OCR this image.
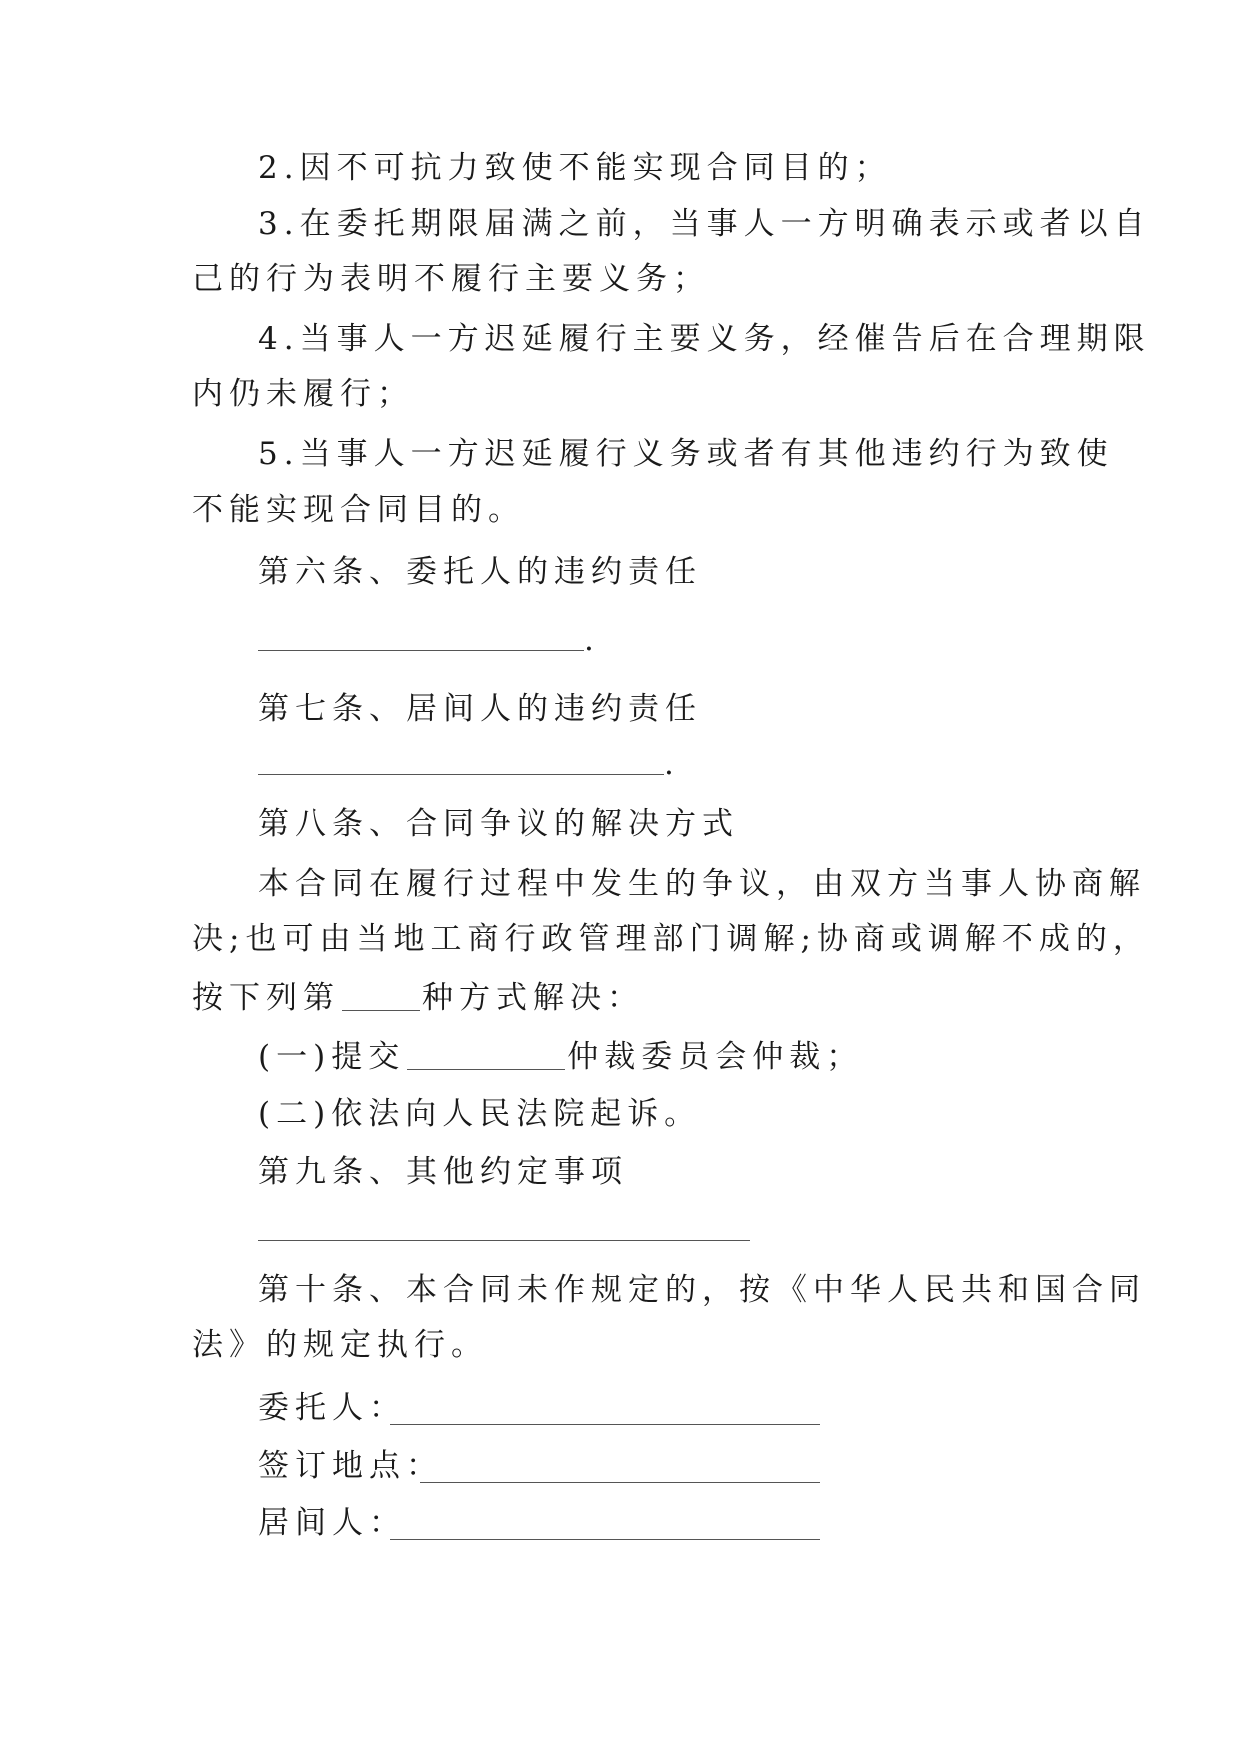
2.因不可抗力致使不能实现合同目的；
3.在委托期限届满之前，当事人一方明确表示或者以自
己的行为表明不履行主要义务；
4.当事人一方迟延履行主要义务，经催告后在合理期限
内仍未履行；
5.当事人一方迟延履行义务或者有其他违约行为致使
不能实现合同目的。
第六条、委托人的违约责任
.
第七条、居间人的违约责任
.
第八条、合同争议的解决方式
本合同在履行过程中发生的争议，由双方当事人协商解
决;也可由当地工商行政管理部门调解;协商或调解不成的，
按下列第	种方式解决：
(一)提交	仲裁委员会仲裁；
(二)依法向人民法院起诉。
第九条、其他约定事项
第十条、本合同未作规定的，按《中华人民共和国合同
法》的规定执行。
委托人：
签订地点：
居间人：
